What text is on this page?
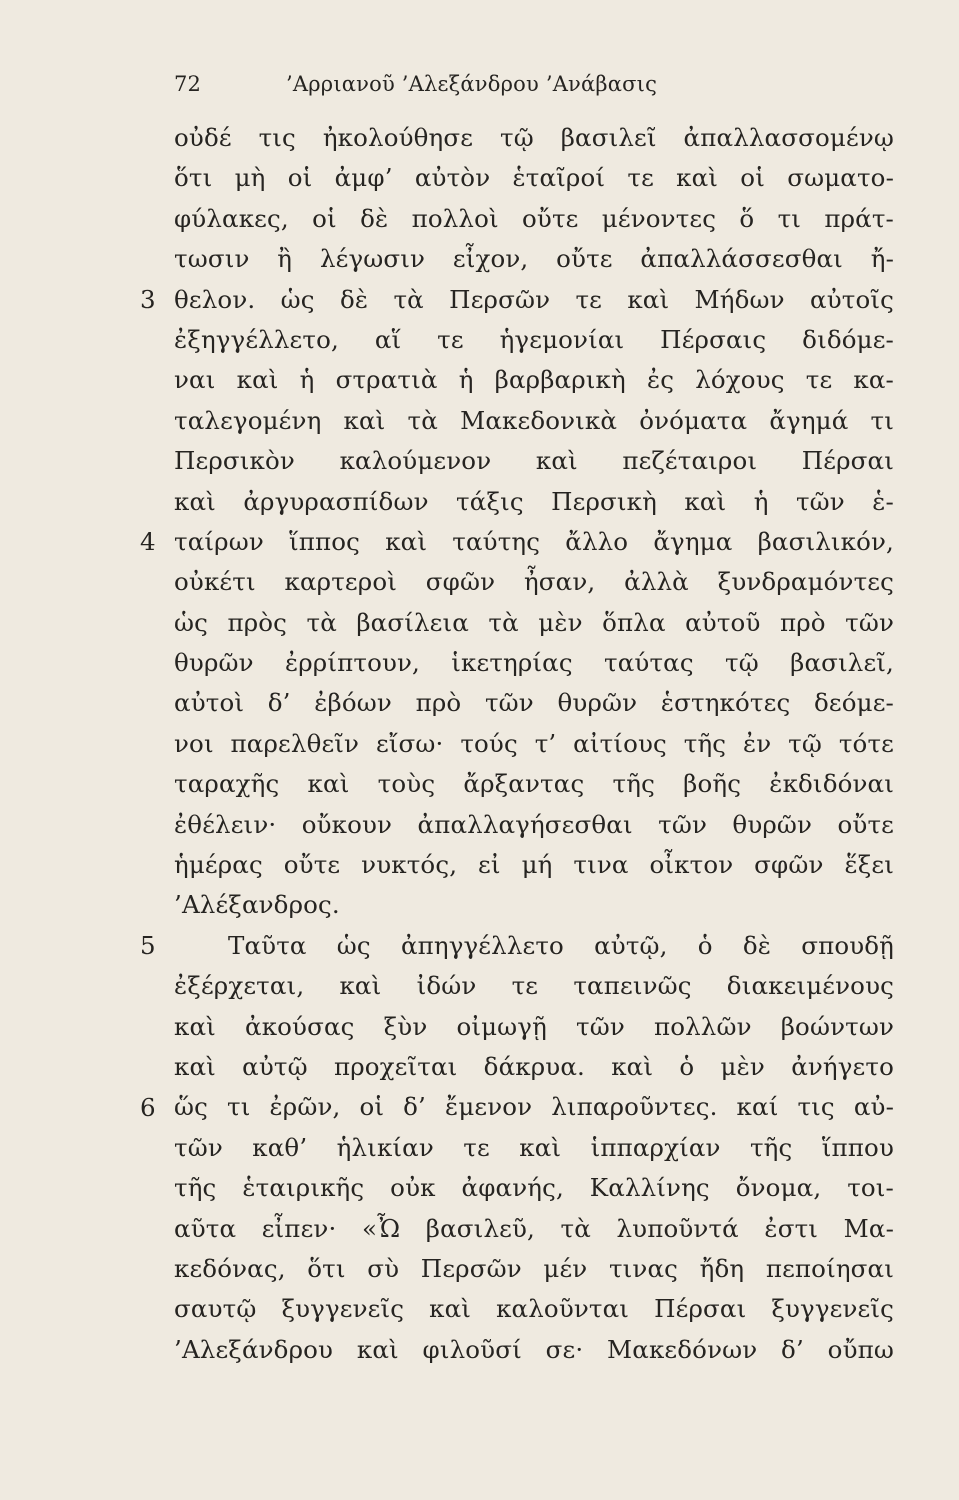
72	’Αρριανοῦ ’Αλεξάνδρου ’Ανάβασις
3
4
5
6
οὐδέ τις ἠκολούθησε τῷ βασιλεῖ ἀπαλλασσομένῳ
ὅτι μὴ οἱ ἀμφ’ αὐτὸν ἑταῖροί τε καὶ οἱ σωματο-
φύλακες, οἱ δὲ πολλοὶ οὔτε μένοντες ὅ τι πράτ-
τωσιν ἢ λέγωσιν εἶχον, οὔτε ἀπαλλάσσεσθαι ἤ-
θελον. ὡς δὲ τὰ Περσῶν τε καὶ Μήδων αὐτοῖς
ἐξηγγέλλετο, αἵ τε ἡγεμονίαι Πέρσαις διδόμε-
ναι καὶ ἡ στρατιὰ ἡ βαρβαρικὴ ἐς λόχους τε κα-
ταλεγομένη καὶ τὰ Μακεδονικὰ ὀνόματα ἄγημά τι
Περσικὸν καλούμενον καὶ πεζέταιροι Πέρσαι
καὶ ἀργυρασπίδων τάξις Περσικὴ καὶ ἡ τῶν ἑ-
ταίρων ἵππος καὶ ταύτης ἄλλο ἄγημα βασιλικόν,
οὐκέτι καρτεροὶ σφῶν ἦσαν, ἀλλὰ ξυνδραμόντες
ὡς πρὸς τὰ βασίλεια τὰ μὲν ὅπλα αὐτοῦ πρὸ τῶν
θυρῶν ἐρρίπτουν, ἱκετηρίας ταύτας τῷ βασιλεῖ,
αὐτοὶ δ’ ἐβόων πρὸ τῶν θυρῶν ἑστηκότες δεόμε-
νοι παρελθεῖν εἴσω· τούς τ’ αἰτίους τῆς ἐν τῷ τότε
ταραχῆς καὶ τοὺς ἄρξαντας τῆς βοῆς ἐκδιδόναι
ἐθέλειν· οὔκουν ἀπαλλαγήσεσθαι τῶν θυρῶν οὔτε
ἡμέρας οὔτε νυκτός, εἰ μή τινα οἶκτον σφῶν ἕξει
’Αλέξανδρος.
Ταῦτα ὡς ἀπηγγέλλετο αὐτῷ, ὁ δὲ σπουδῇ
ἐξέρχεται, καὶ ἰδών τε ταπεινῶς διακειμένους
καὶ ἀκούσας ξὺν οἰμωγῇ τῶν πολλῶν βοώντων
καὶ αὐτῷ προχεῖται δάκρυα. καὶ ὁ μὲν ἀνήγετο
ὥς τι ἐρῶν, οἱ δ’ ἔμενον λιπαροῦντες. καί τις αὐ-
τῶν καθ’ ἡλικίαν τε καὶ ἱππαρχίαν τῆς ἵππου
τῆς ἑταιρικῆς οὐκ ἀφανής, Καλλίνης ὄνομα, τοι-
αῦτα εἶπεν· «Ὦ βασιλεῦ, τὰ λυποῦντά ἐστι Μα-
κεδόνας, ὅτι σὺ Περσῶν μέν τινας ἤδη πεποίησαι
σαυτῷ ξυγγενεῖς καὶ καλοῦνται Πέρσαι ξυγγενεῖς
’Αλεξάνδρου καὶ φιλοῦσί σε· Μακεδόνων δ’ οὔπω
